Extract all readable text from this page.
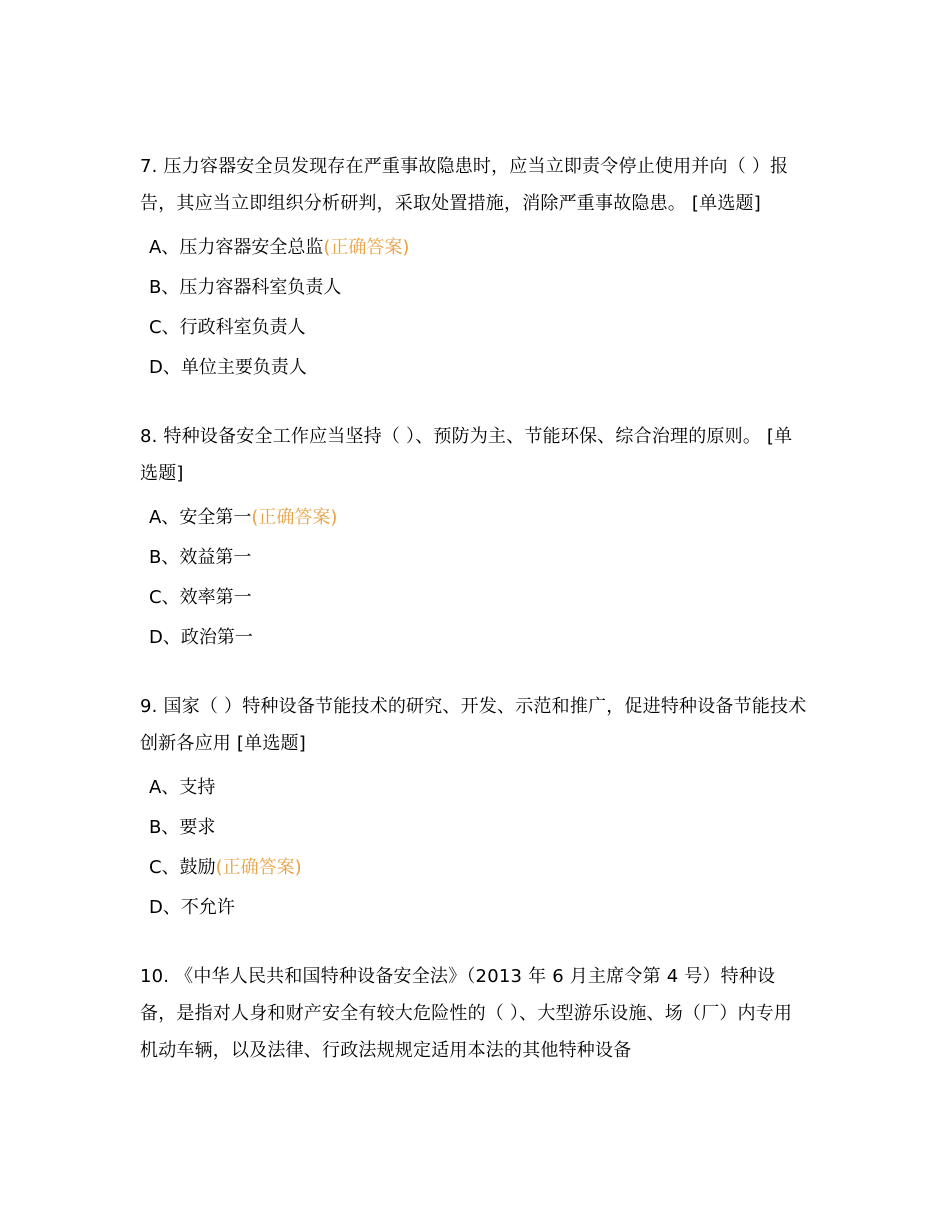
7. 压力容器安全员发现存在严重事故隐患时，应当立即责令停止使用并向（ ）报告，其应当立即组织分析研判，采取处置措施，消除严重事故隐患。 [单选题]

A、压力容器安全总监(正确答案)
B、压力容器科室负责人
C、行政科室负责人
D、单位主要负责人

8. 特种设备安全工作应当坚持（ ）、预防为主、节能环保、综合治理的原则。 [单选题]

A、安全第一(正确答案)
B、效益第一
C、效率第一
D、政治第一

9. 国家（ ）特种设备节能技术的研究、开发、示范和推广，促进特种设备节能技术创新各应用 [单选题]

A、支持
B、要求
C、鼓励(正确答案)
D、不允许

10. 《中华人民共和国特种设备安全法》（2013 年 6 月主席令第 4 号）特种设备，是指对人身和财产安全有较大危险性的（ ）、大型游乐设施、场（厂）内专用机动车辆，以及法律、行政法规规定适用本法的其他特种设备
